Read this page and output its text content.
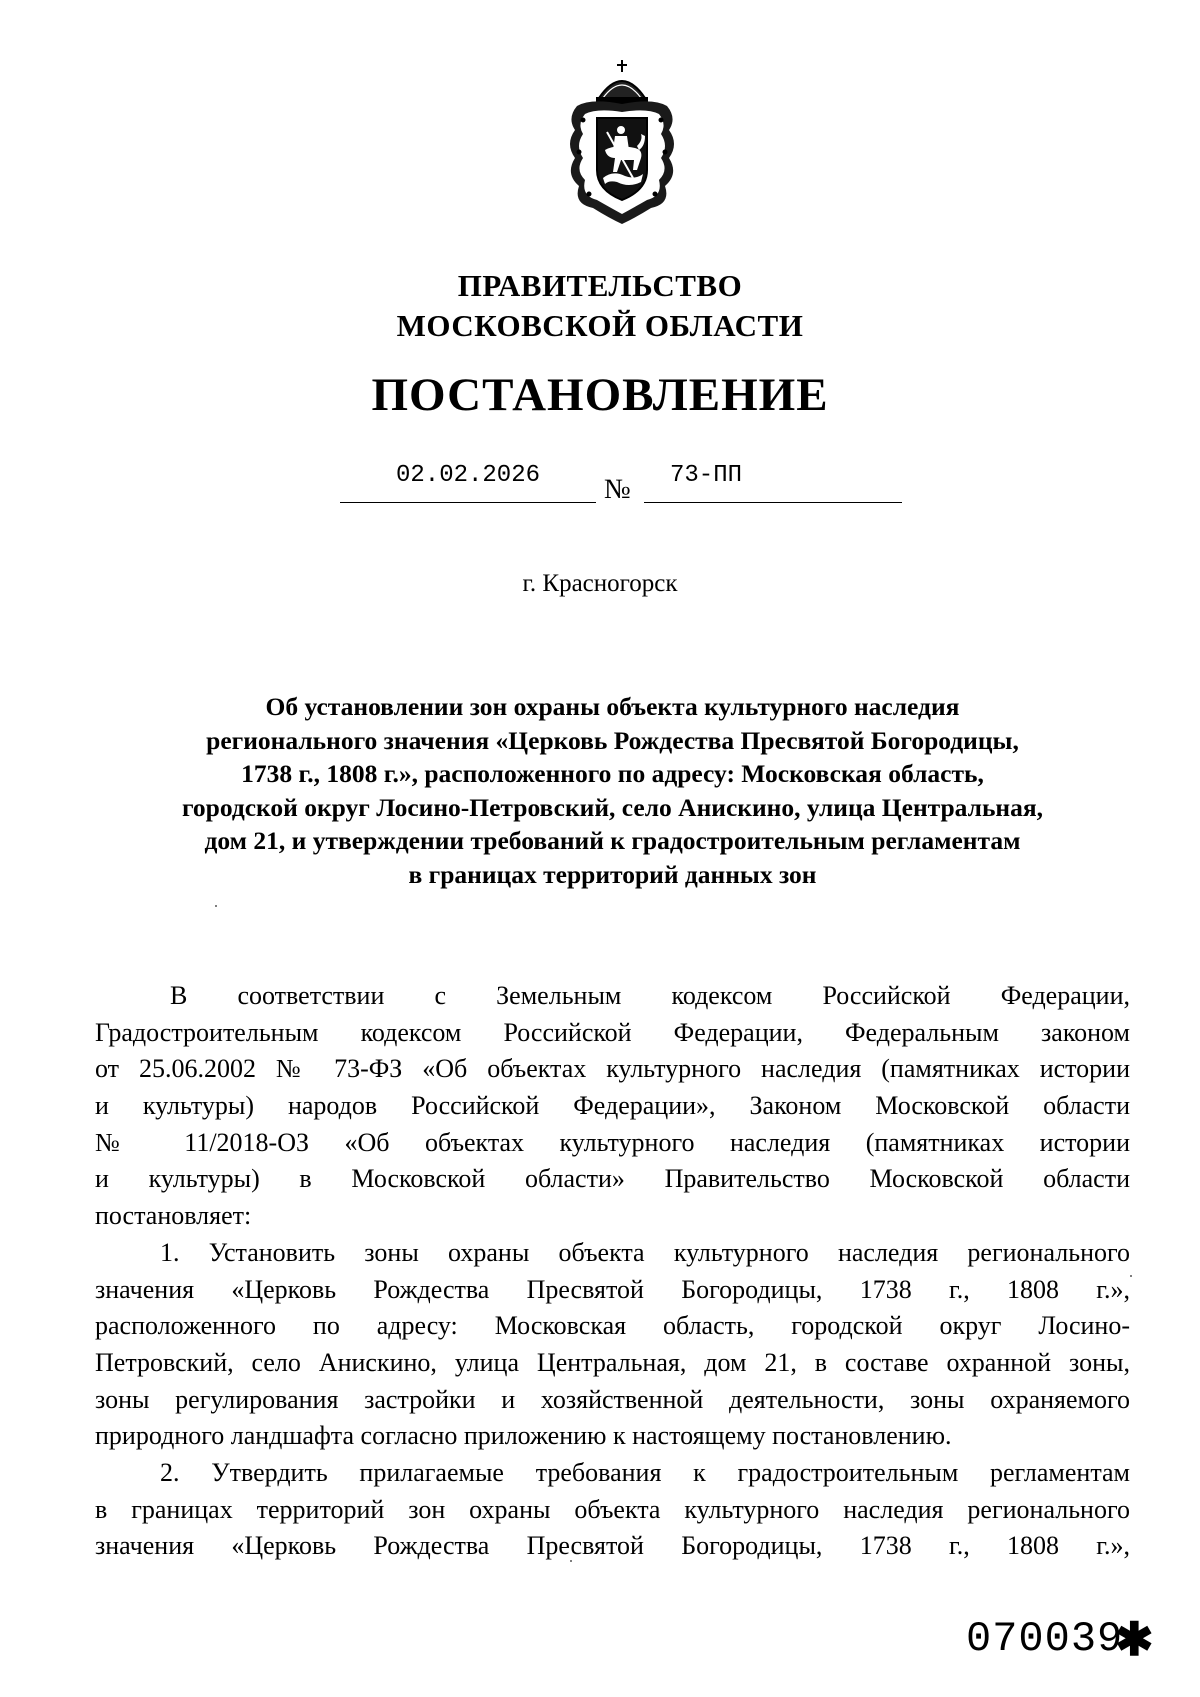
ПРАВИТЕЛЬСТВО
МОСКОВСКОЙ ОБЛАСТИ
ПОСТАНОВЛЕНИЕ
02.02.2026	№ 73-ПП
г. Красногорск
Об установлении зон охраны объекта культурного наследия
регионального значения «Церковь Рождества Пресвятой Богородицы,
1738 г., 1808 г.», расположенного по адресу: Московская область,
городской округ Лосино-Петровский, село Анискино, улица Центральная,
дом 21, и утверждении требований к градостроительным регламентам
в границах территорий данных зон
В соответствии с Земельным кодексом Российской Федерации,
Градостроительным кодексом Российской Федерации, Федеральным законом
от 25.06.2002 № 73-ФЗ «Об объектах культурного наследия (памятниках истории
и культуры) народов Российской Федерации», Законом Московской области
№ 11/2018-ОЗ «Об объектах культурного наследия (памятниках истории
и культуры) в Московской области» Правительство Московской области
постановляет:
1. Установить зоны охраны объекта культурного наследия регионального
значения «Церковь Рождества Пресвятой Богородицы, 1738 г., 1808 г.»,
расположенного по адресу: Московская область, городской округ Лосино-
Петровский, село Анискино, улица Центральная, дом 21, в составе охранной зоны,
зоны регулирования застройки и хозяйственной деятельности, зоны охраняемого
природного ландшафта согласно приложению к настоящему постановлению.
2. Утвердить прилагаемые требования к градостроительным регламентам
в границах территорий зон охраны объекта культурного наследия регионального
значения «Церковь Рождества Пресвятой Богородицы, 1738 г., 1808 г.»,
070039
✱
